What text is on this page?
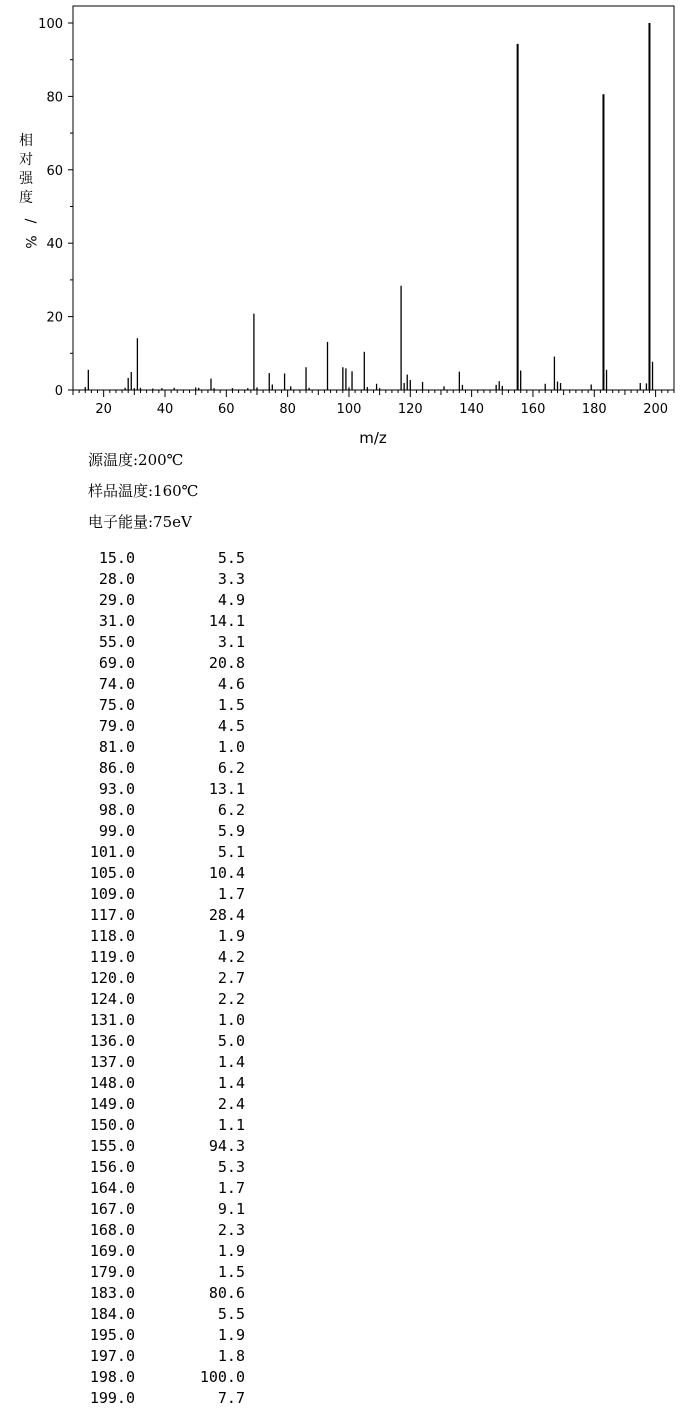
0
20
40
60
80
100
20	40	60	80	100	120	140	160	180	200
m/z
相
对
强
度
/
%
源温度:200℃
样品温度:160℃
电子能量:75eV
15.0	5.5
28.0	3.3
29.0	4.9
31.0	14.1
55.0	3.1
69.0	20.8
74.0	4.6
75.0	1.5
79.0	4.5
81.0	1.0
86.0	6.2
93.0	13.1
98.0	6.2
99.0	5.9
101.0	5.1
105.0	10.4
109.0	1.7
117.0	28.4
118.0	1.9
119.0	4.2
120.0	2.7
124.0	2.2
131.0	1.0
136.0	5.0
137.0	1.4
148.0	1.4
149.0	2.4
150.0	1.1
155.0	94.3
156.0	5.3
164.0	1.7
167.0	9.1
168.0	2.3
169.0	1.9
179.0	1.5
183.0	80.6
184.0	5.5
195.0	1.9
197.0	1.8
198.0	100.0
199.0	7.7
